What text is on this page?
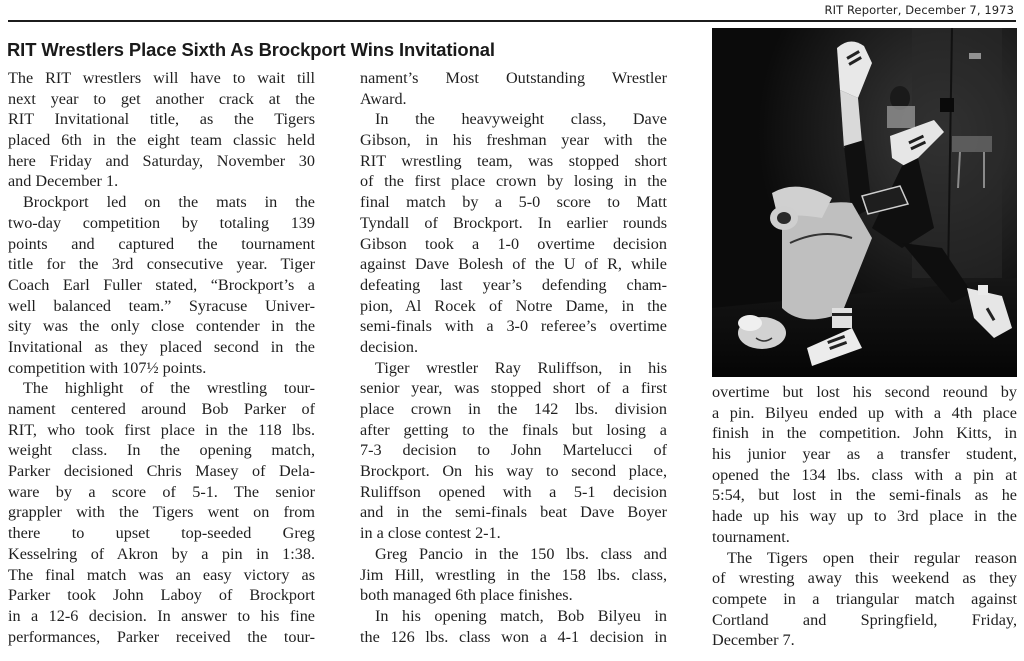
RIT Reporter, December 7, 1973
RIT Wrestlers Place Sixth As Brockport Wins Invitational
The RIT wrestlers will have to wait till
next year to get another crack at the
RIT Invitational title, as the Tigers
placed 6th in the eight team classic held
here Friday and Saturday, November 30
and December 1.
Brockport led on the mats in the
two-day competition by totaling 139
points and captured the tournament
title for the 3rd consecutive year. Tiger
Coach Earl Fuller stated, “Brockport’s a
well balanced team.” Syracuse Univer-
sity was the only close contender in the
Invitational as they placed second in the
competition with 107½ points.
The highlight of the wrestling tour-
nament centered around Bob Parker of
RIT, who took first place in the 118 lbs.
weight class. In the opening match,
Parker decisioned Chris Masey of Dela-
ware by a score of 5-1. The senior
grappler with the Tigers went on from
there to upset top-seeded Greg
Kesselring of Akron by a pin in 1:38.
The final match was an easy victory as
Parker took John Laboy of Brockport
in a 12-6 decision. In answer to his fine
performances, Parker received the tour-
nament’s Most Outstanding Wrestler
Award.
In the heavyweight class, Dave
Gibson, in his freshman year with the
RIT wrestling team, was stopped short
of the first place crown by losing in the
final match by a 5-0 score to Matt
Tyndall of Brockport. In earlier rounds
Gibson took a 1-0 overtime decision
against Dave Bolesh of the U of R, while
defeating last year’s defending cham-
pion, Al Rocek of Notre Dame, in the
semi-finals with a 3-0 referee’s overtime
decision.
Tiger wrestler Ray Ruliffson, in his
senior year, was stopped short of a first
place crown in the 142 lbs. division
after getting to the finals but losing a
7-3 decision to John Martelucci of
Brockport. On his way to second place,
Ruliffson opened with a 5-1 decision
and in the semi-finals beat Dave Boyer
in a close contest 2-1.
Greg Pancio in the 150 lbs. class and
Jim Hill, wrestling in the 158 lbs. class,
both managed 6th place finishes.
In his opening match, Bob Bilyeu in
the 126 lbs. class won a 4-1 decision in
overtime but lost his second reound by
a pin. Bilyeu ended up with a 4th place
finish in the competition. John Kitts, in
his junior year as a transfer student,
opened the 134 lbs. class with a pin at
5:54, but lost in the semi-finals as he
hade up his way up to 3rd place in the
tournament.
The Tigers open their regular reason
of wresting away this weekend as they
compete in a triangular match against
Cortland and Springfield, Friday,
December 7.
